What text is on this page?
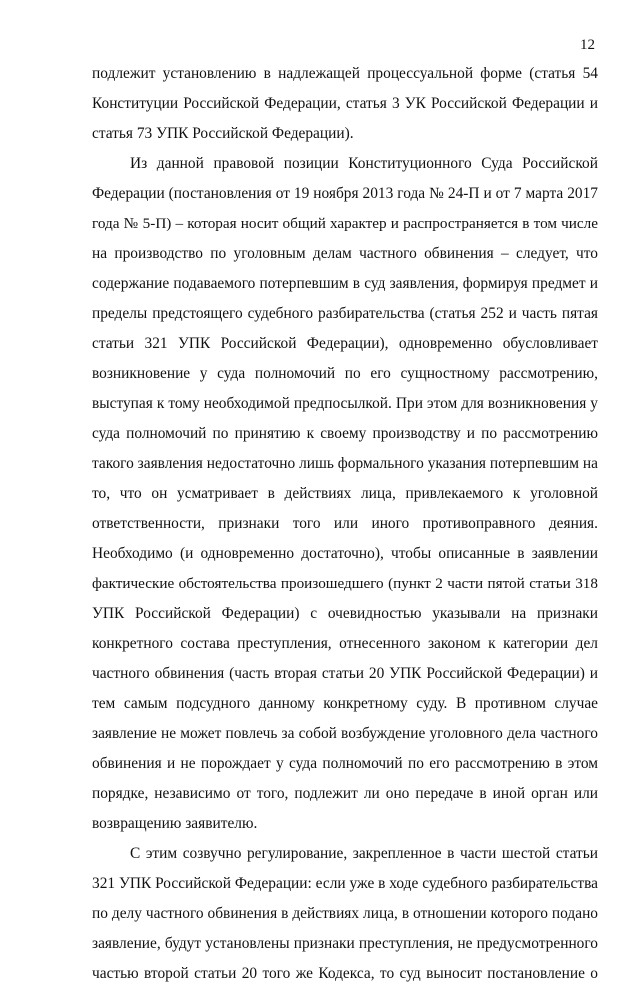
12
подлежит установлению в надлежащей процессуальной форме (статья 54
Конституции Российской Федерации, статья 3 УК Российской Федерации и
статья 73 УПК Российской Федерации).
Из данной правовой позиции Конституционного Суда Российской
Федерации (постановления от 19 ноября 2013 года № 24-П и от 7 марта 2017
года № 5-П) – которая носит общий характер и распространяется в том числе
на производство по уголовным делам частного обвинения – следует, что
содержание подаваемого потерпевшим в суд заявления, формируя предмет и
пределы предстоящего судебного разбирательства (статья 252 и часть пятая
статьи 321 УПК Российской Федерации), одновременно обусловливает
возникновение у суда полномочий по его сущностному рассмотрению,
выступая к тому необходимой предпосылкой. При этом для возникновения у
суда полномочий по принятию к своему производству и по рассмотрению
такого заявления недостаточно лишь формального указания потерпевшим на
то, что он усматривает в действиях лица, привлекаемого к уголовной
ответственности, признаки того или иного противоправного деяния.
Необходимо (и одновременно достаточно), чтобы описанные в заявлении
фактические обстоятельства произошедшего (пункт 2 части пятой статьи 318
УПК Российской Федерации) с очевидностью указывали на признаки
конкретного состава преступления, отнесенного законом к категории дел
частного обвинения (часть вторая статьи 20 УПК Российской Федерации) и
тем самым подсудного данному конкретному суду. В противном случае
заявление не может повлечь за собой возбуждение уголовного дела частного
обвинения и не порождает у суда полномочий по его рассмотрению в этом
порядке, независимо от того, подлежит ли оно передаче в иной орган или
возвращению заявителю.
С этим созвучно регулирование, закрепленное в части шестой статьи
321 УПК Российской Федерации: если уже в ходе судебного разбирательства
по делу частного обвинения в действиях лица, в отношении которого подано
заявление, будут установлены признаки преступления, не предусмотренного
частью второй статьи 20 того же Кодекса, то суд выносит постановление о
